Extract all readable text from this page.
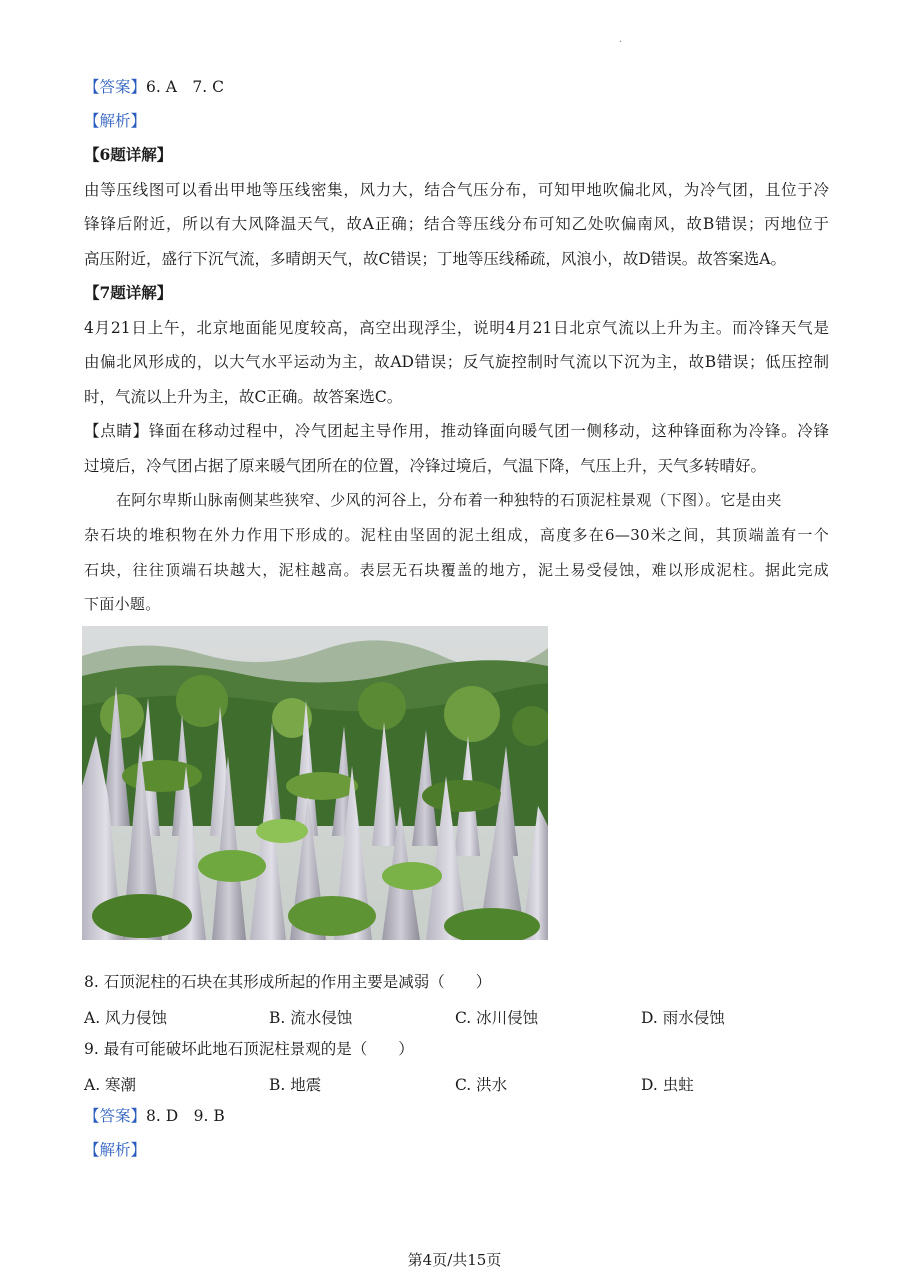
.
【答案】6. A　7. C
【解析】
【6题详解】
由等压线图可以看出甲地等压线密集，风力大，结合气压分布，可知甲地吹偏北风，为冷气团，且位于冷
锋锋后附近，所以有大风降温天气，故A正确；结合等压线分布可知乙处吹偏南风，故B错误；丙地位于
高压附近，盛行下沉气流，多晴朗天气，故C错误；丁地等压线稀疏，风浪小，故D错误。故答案选A。
【7题详解】
4月21日上午，北京地面能见度较高，高空出现浮尘，说明4月21日北京气流以上升为主。而冷锋天气是
由偏北风形成的，以大气水平运动为主，故AD错误；反气旋控制时气流以下沉为主，故B错误；低压控制
时，气流以上升为主，故C正确。故答案选C。
【点睛】锋面在移动过程中，冷气团起主导作用，推动锋面向暖气团一侧移动，这种锋面称为冷锋。冷锋
过境后，冷气团占据了原来暖气团所在的位置，冷锋过境后，气温下降，气压上升，天气多转晴好。
在阿尔卑斯山脉南侧某些狭窄、少风的河谷上，分布着一种独特的石顶泥柱景观（下图）。它是由夹
杂石块的堆积物在外力作用下形成的。泥柱由坚固的泥土组成，高度多在6—30米之间，其顶端盖有一个
石块，往往顶端石块越大，泥柱越高。表层无石块覆盖的地方，泥土易受侵蚀，难以形成泥柱。据此完成
下面小题。
8. 石顶泥柱的石块在其形成所起的作用主要是减弱（　　）
A. 风力侵蚀	B. 流水侵蚀	C. 冰川侵蚀	D. 雨水侵蚀
9. 最有可能破坏此地石顶泥柱景观的是（　　）
A. 寒潮	B. 地震	C. 洪水	D. 虫蛀
【答案】8. D　9. B
【解析】
第4页/共15页
